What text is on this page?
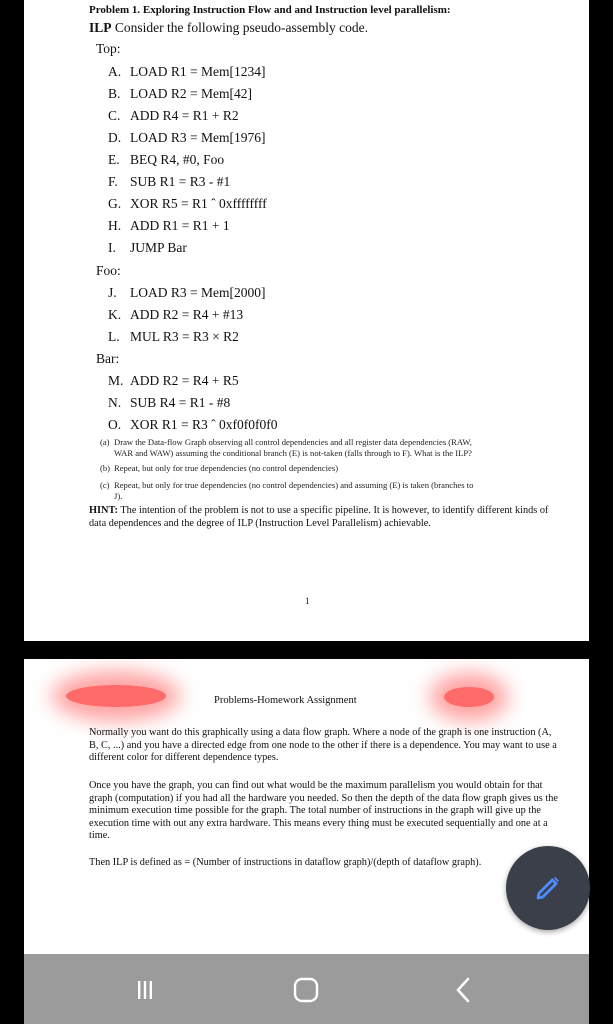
Problem 1. Exploring Instruction Flow and and Instruction level parallelism:
ILP Consider the following pseudo-assembly code.
Top:
A. LOAD R1 = Mem[1234]
B. LOAD R2 = Mem[42]
C. ADD R4 = R1 + R2
D. LOAD R3 = Mem[1976]
E. BEQ R4, #0, Foo
F. SUB R1 = R3 - #1
G. XOR R5 = R1 ˆ 0xffffffff
H. ADD R1 = R1 + 1
I. JUMP Bar
Foo:
J. LOAD R3 = Mem[2000]
K. ADD R2 = R4 + #13
L. MUL R3 = R3 × R2
Bar:
M. ADD R2 = R4 + R5
N. SUB R4 = R1 - #8
O. XOR R1 = R3 ˆ 0xf0f0f0f0
(a) Draw the Data-flow Graph observing all control dependencies and all register data dependencies (RAW,
WAR and WAW) assuming the conditional branch (E) is not-taken (falls through to F). What is the ILP?
(b) Repeat, but only for true dependencies (no control dependencies)
(c) Repeat, but only for true dependencies (no control dependencies) and assuming (E) is taken (branches to
J).
HINT: The intention of the problem is not to use a specific pipeline. It is however, to identify different kinds of data dependences and the degree of ILP (Instruction Level Parallelism) achievable.
1
Problems-Homework Assignment
Normally you want do this graphically using a data flow graph. Where a node of the graph is one instruction (A, B, C, ...) and you have a directed edge from one node to the other if there is a dependence. You may want to use a different color for different dependence types.
Once you have the graph, you can find out what would be the maximum parallelism you would obtain for that graph (computation) if you had all the hardware you needed. So then the depth of the data flow graph gives us the minimum execution time possible for the graph. The total number of instructions in the graph will give up the execution time with out any extra hardware. This means every thing must be executed sequentially and one at a time.
Then ILP is defined as = (Number of instructions in dataflow graph)/(depth of dataflow graph).
